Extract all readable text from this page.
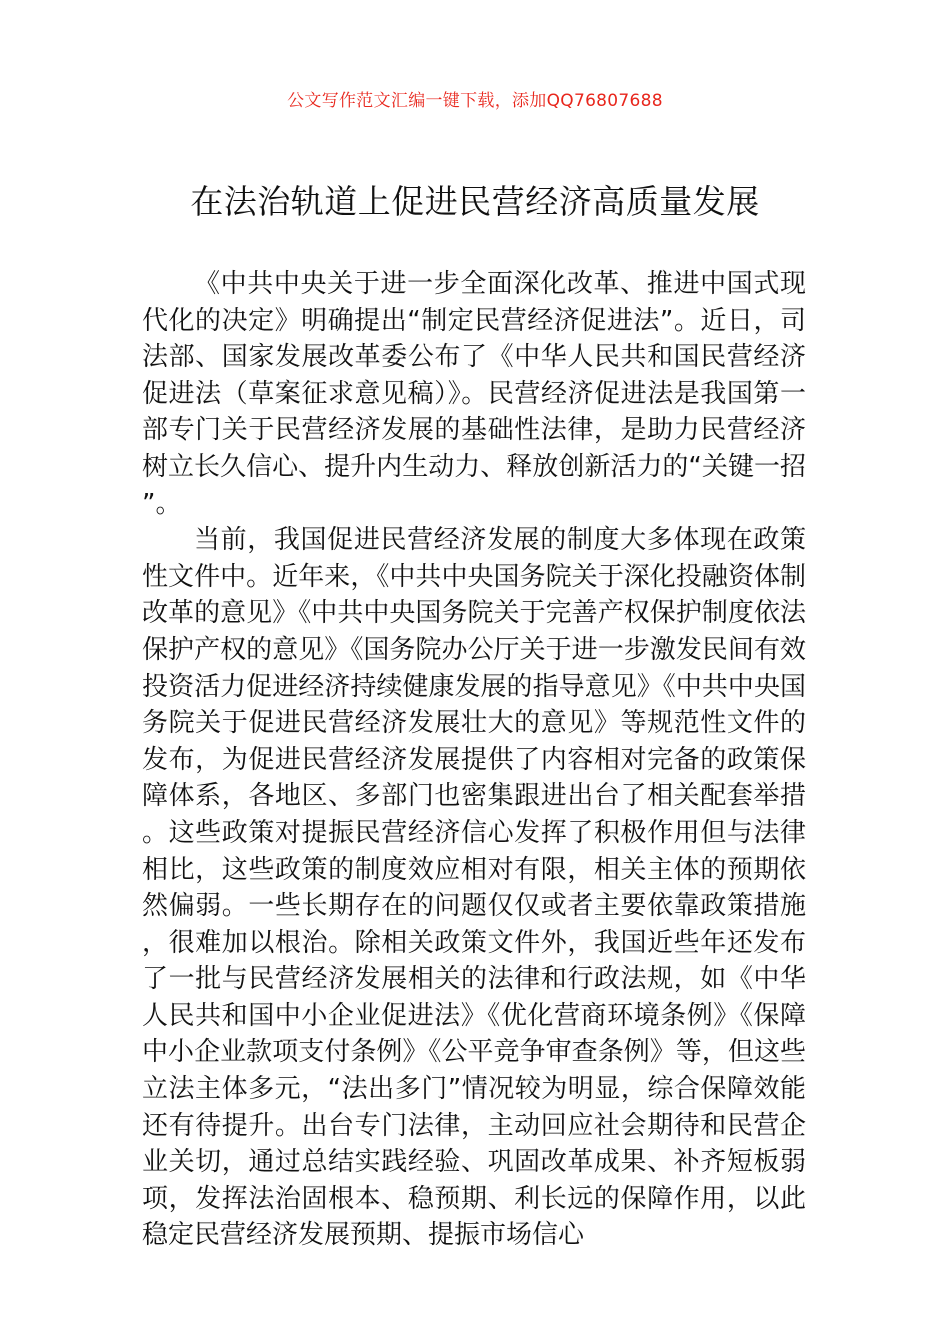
公文写作范文汇编一键下载，添加QQ76807688

在法治轨道上促进民营经济高质量发展

《中共中央关于进一步全面深化改革、推进中国式现代化的决定》明确提出“制定民营经济促进法”。近日，司法部、国家发展改革委公布了《中华人民共和国民营经济促进法（草案征求意见稿）》。民营经济促进法是我国第一部专门关于民营经济发展的基础性法律，是助力民营经济树立长久信心、提升内生动力、释放创新活力的“关键一招”。

当前，我国促进民营经济发展的制度大多体现在政策性文件中。近年来，《中共中央国务院关于深化投融资体制改革的意见》《中共中央国务院关于完善产权保护制度依法保护产权的意见》《国务院办公厅关于进一步激发民间有效投资活力促进经济持续健康发展的指导意见》《中共中央国务院关于促进民营经济发展壮大的意见》等规范性文件的发布，为促进民营经济发展提供了内容相对完备的政策保障体系，各地区、多部门也密集跟进出台了相关配套举措。这些政策对提振民营经济信心发挥了积极作用但与法律相比，这些政策的制度效应相对有限，相关主体的预期依然偏弱。一些长期存在的问题仅仅或者主要依靠政策措施，很难加以根治。除相关政策文件外，我国近些年还发布了一批与民营经济发展相关的法律和行政法规，如《中华人民共和国中小企业促进法》《优化营商环境条例》《保障中小企业款项支付条例》《公平竞争审查条例》等，但这些立法主体多元，“法出多门”情况较为明显，综合保障效能还有待提升。出台专门法律，主动回应社会期待和民营企业关切，通过总结实践经验、巩固改革成果、补齐短板弱项，发挥法治固根本、稳预期、利长远的保障作用，以此稳定民营经济发展预期、提振市场信心
